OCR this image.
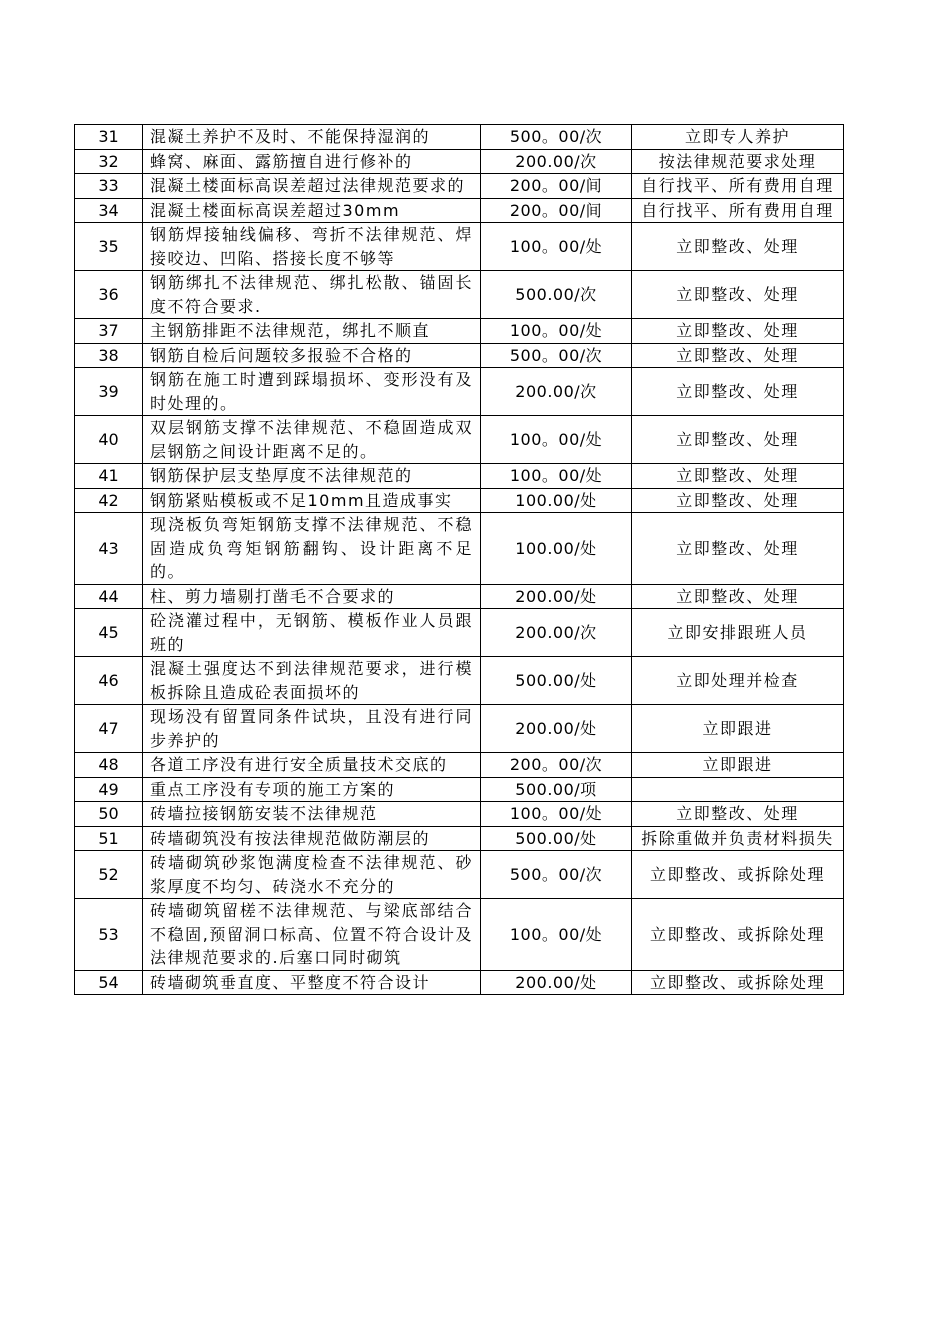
31	混凝土养护不及时、不能保持湿润的	500。00/次	立即专人养护
32	蜂窝、麻面、露筋擅自进行修补的	200.00/次	按法律规范要求处理
33	混凝土楼面标高误差超过法律规范要求的	200。00/间	自行找平、所有费用自理
34	混凝土楼面标高误差超过30mm	200。00/间	自行找平、所有费用自理
35	钢筋焊接轴线偏移、弯折不法律规范、焊接咬边、凹陷、搭接长度不够等	100。00/处	立即整改、处理
36	钢筋绑扎不法律规范、绑扎松散、锚固长度不符合要求.	500.00/次	立即整改、处理
37	主钢筋排距不法律规范，绑扎不顺直	100。00/处	立即整改、处理
38	钢筋自检后问题较多报验不合格的	500。00/次	立即整改、处理
39	钢筋在施工时遭到踩塌损坏、变形没有及时处理的。	200.00/次	立即整改、处理
40	双层钢筋支撑不法律规范、不稳固造成双层钢筋之间设计距离不足的。	100。00/处	立即整改、处理
41	钢筋保护层支垫厚度不法律规范的	100。00/处	立即整改、处理
42	钢筋紧贴模板或不足10mm且造成事实	100.00/处	立即整改、处理
43	现浇板负弯矩钢筋支撑不法律规范、不稳固造成负弯矩钢筋翻钩、设计距离不足的。	100.00/处	立即整改、处理
44	柱、剪力墙剔打凿毛不合要求的	200.00/处	立即整改、处理
45	砼浇灌过程中，无钢筋、模板作业人员跟班的	200.00/次	立即安排跟班人员
46	混凝土强度达不到法律规范要求，进行模板拆除且造成砼表面损坏的	500.00/处	立即处理并检查
47	现场没有留置同条件试块，且没有进行同步养护的	200.00/处	立即跟进
48	各道工序没有进行安全质量技术交底的	200。00/次	立即跟进
49	重点工序没有专项的施工方案的	500.00/项	
50	砖墙拉接钢筋安装不法律规范	100。00/处	立即整改、处理
51	砖墙砌筑没有按法律规范做防潮层的	500.00/处	拆除重做并负责材料损失
52	砖墙砌筑砂浆饱满度检查不法律规范、砂浆厚度不均匀、砖浇水不充分的	500。00/次	立即整改、或拆除处理
53	砖墙砌筑留槎不法律规范、与梁底部结合不稳固,预留洞口标高、位置不符合设计及法律规范要求的.后塞口同时砌筑	100。00/处	立即整改、或拆除处理
54	砖墙砌筑垂直度、平整度不符合设计	200.00/处	立即整改、或拆除处理
